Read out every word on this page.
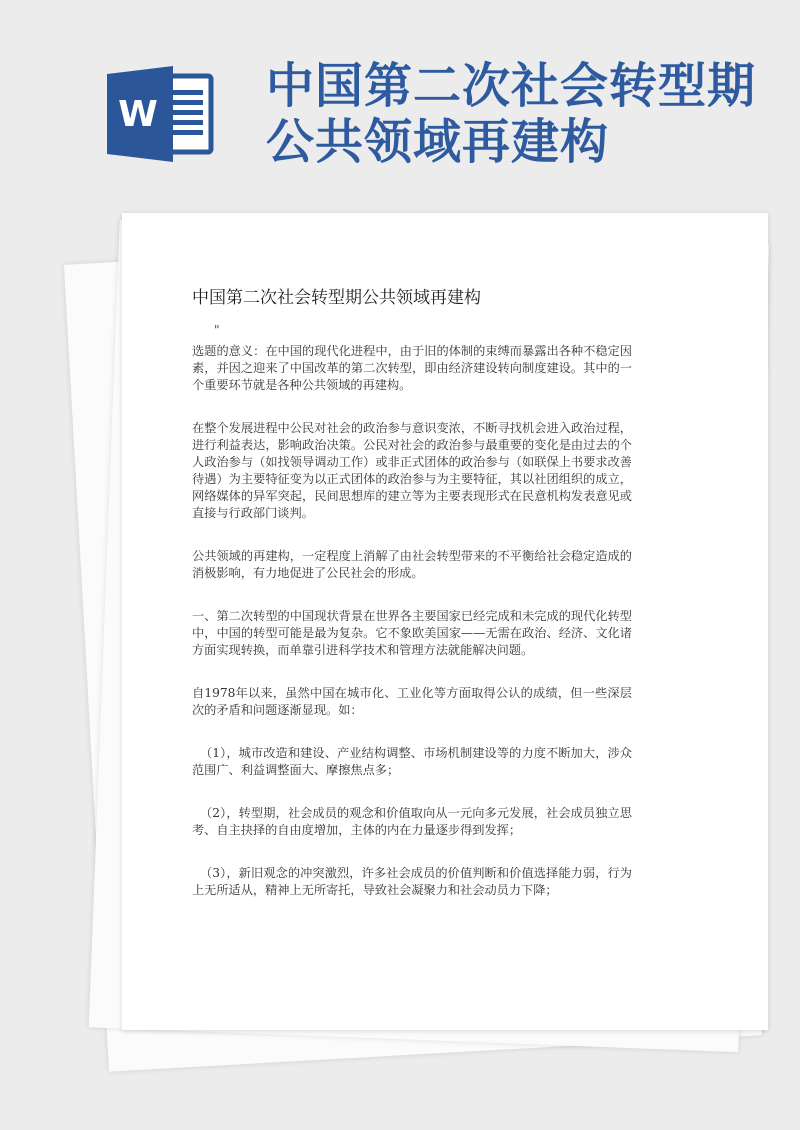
W
中国第二次社会转型期
公共领域再建构
中国第二次社会转型期公共领域再建构
"

选题的意义：在中国的现代化进程中，由于旧的体制的束缚而暴露出各种不稳定因素，并因之迎来了中国改革的第二次转型，即由经济建设转向制度建设。其中的一个重要环节就是各种公共领域的再建构。

在整个发展进程中公民对社会的政治参与意识变浓，不断寻找机会进入政治过程，进行利益表达，影响政治决策。公民对社会的政治参与最重要的变化是由过去的个人政治参与（如找领导调动工作）或非正式团体的政治参与（如联保上书要求改善待遇）为主要特征变为以正式团体的政治参与为主要特征，其以社团组织的成立，网络媒体的异军突起，民间思想库的建立等为主要表现形式在民意机构发表意见或直接与行政部门谈判。

公共领域的再建构，一定程度上消解了由社会转型带来的不平衡给社会稳定造成的消极影响，有力地促进了公民社会的形成。

一、第二次转型的中国现状背景在世界各主要国家已经完成和未完成的现代化转型中，中国的转型可能是最为复杂。它不象欧美国家——无需在政治、经济、文化诸方面实现转换，而单靠引进科学技术和管理方法就能解决问题。

自1978年以来，虽然中国在城市化、工业化等方面取得公认的成绩，但一些深层次的矛盾和问题逐渐显现。如：

（1），城市改造和建设、产业结构调整、市场机制建设等的力度不断加大，涉众范围广、利益调整面大、摩擦焦点多；

（2），转型期，社会成员的观念和价值取向从一元向多元发展，社会成员独立思考、自主抉择的自由度增加，主体的内在力量逐步得到发挥；

（3），新旧观念的冲突激烈，许多社会成员的价值判断和价值选择能力弱，行为上无所适从，精神上无所寄托，导致社会凝聚力和社会动员力下降；
